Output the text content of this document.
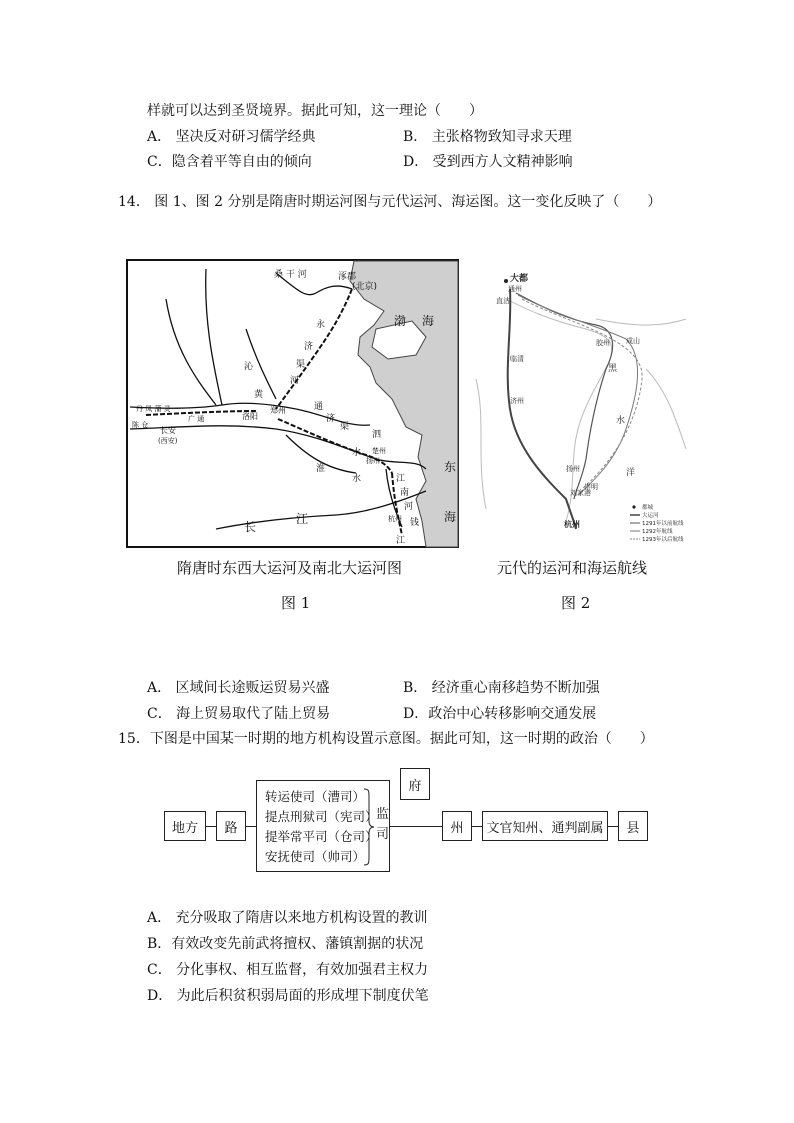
样就可以达到圣贤境界。据此可知，这一理论（　　）
A． 坚决反对研习儒学经典	B． 主张格物致知寻求天理
C．隐含着平等自由的倾向	D． 受到西方人文精神影响
14． 图 1、图 2 分别是隋唐时期运河图与元代运河、海运图。这一变化反映了（　　）
涿郡
(北京)
桑 干 河
渤 海
永
济
渠
河
沁
黄
丹 凤 蒲 灵
广 通
陈 仓
长安
(西安)
洛阳
郑州	通
济
渠
水
泗
淮
水
楚州
扬州	东
海
江
南
河
杭州 钱
长
江
江
大都
通州
直沽
临清
济州
胶州 成山
黑
水
洋
扬州
崇明
刘家港
杭州
都城
大运河
1291年以前航线
1292年航线
1293年以后航线
隋唐时东西大运河及南北大运河图	元代的运河和海运航线
图 1	图 2
A． 区域间长途贩运贸易兴盛	B． 经济重心南移趋势不断加强
C． 海上贸易取代了陆上贸易	D．政治中心转移影响交通发展
15．下图是中国某一时期的地方机构设置示意图。据此可知，这一时期的政治（　　）
地方	路
转运使司（漕司）
提点刑狱司（宪司）
提举常平司（仓司）
安抚使司（帅司）
监
司
府
州	文官知州、通判副属	县
A． 充分吸取了隋唐以来地方机构设置的教训
B．有效改变先前武将擅权、藩镇割据的状况
C． 分化事权、相互监督，有效加强君主权力
D． 为此后积贫积弱局面的形成埋下制度伏笔
